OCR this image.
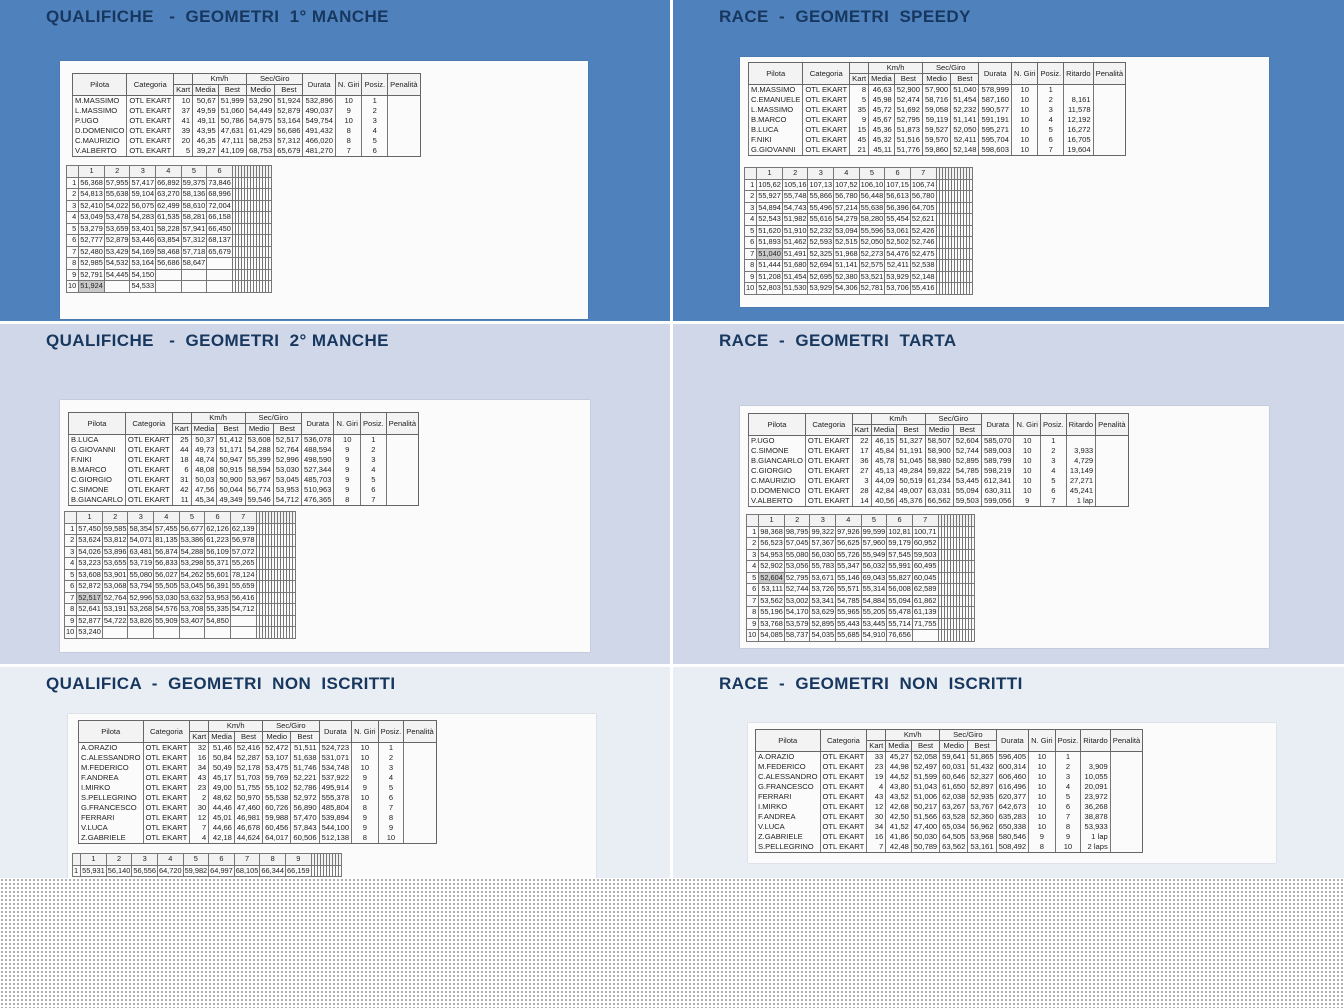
QUALIFICHE   -  GEOMETRI  1° MANCHE
Pilota	Categoria		Km/h		Sec/Giro		Durata	N. Giri	Posiz.	Penalità
		Kart	Media	Best	Medio	Best				
M.MASSIMO	OTL EKART	10	50,67	51,999	53,290	51,924	532,896	10	1	
L.MASSIMO	OTL EKART	37	49,59	51,060	54,449	52,879	490,037	9	2	
P.UGO	OTL EKART	41	49,11	50,786	54,975	53,164	549,754	10	3	
D.DOMENICO	OTL EKART	39	43,95	47,631	61,429	56,686	491,432	8	4	
C.MAURIZIO	OTL EKART	20	46,35	47,111	58,253	57,312	466,020	8	5	
V.ALBERTO	OTL EKART	5	39,27	41,109	68,753	65,679	481,270	7	6	
	1	2	3	4	5	6													
1	56,368	57,955	57,417	66,892	59,375	73,846													
2	54,813	55,638	59,104	63,270	58,136	68,996													
3	52,410	54,022	56,075	62,499	58,610	72,004													
4	53,049	53,478	54,283	61,535	58,281	66,158													
5	53,279	53,659	53,401	58,228	57,941	66,450													
6	52,777	52,879	53,446	63,854	57,312	68,137													
7	52,480	53,429	54,169	58,468	57,718	65,679													
8	52,985	54,532	53,164	56,686	58,647														
9	52,791	54,445	54,150																
10	51,924		54,533																
RACE  -  GEOMETRI  SPEEDY
Pilota	Categoria		Km/h		Sec/Giro		Durata	N. Giri	Posiz.	Ritardo	Penalità
		Kart	Media	Best	Medio	Best					
M.MASSIMO	OTL EKART	8	46,63	52,900	57,900	51,040	578,999	10	1		
C.EMANUELE	OTL EKART	5	45,98	52,474	58,716	51,454	587,160	10	2	8,161	
L.MASSIMO	OTL EKART	35	45,72	51,692	59,058	52,232	590,577	10	3	11,578	
B.MARCO	OTL EKART	9	45,67	52,795	59,119	51,141	591,191	10	4	12,192	
B.LUCA	OTL EKART	15	45,36	51,873	59,527	52,050	595,271	10	5	16,272	
F.NIKI	OTL EKART	45	45,32	51,516	59,570	52,411	595,704	10	6	16,705	
G.GIOVANNI	OTL EKART	21	45,11	51,776	59,860	52,148	598,603	10	7	19,604	
	1	2	3	4	5	6	7												
1	105,62	105,16	107,13	107,52	106,10	107,15	106,74												
2	55,927	55,748	55,866	56,780	56,448	56,613	56,780												
3	54,894	54,743	55,496	57,214	55,638	56,396	64,705												
4	52,543	51,982	55,616	54,279	58,280	55,454	52,621												
5	51,620	51,910	52,232	53,094	55,596	53,061	52,426												
6	51,893	51,462	52,593	52,515	52,050	52,502	52,746												
7	51,040	51,491	52,325	51,968	52,273	54,476	52,475												
8	51,444	51,680	52,694	51,141	52,575	52,411	52,538												
9	51,208	51,454	52,695	52,380	53,521	53,929	52,148												
10	52,803	51,530	53,929	54,306	52,781	53,706	55,416												
QUALIFICHE   -  GEOMETRI  2° MANCHE
Pilota	Categoria		Km/h		Sec/Giro		Durata	N. Giri	Posiz.	Penalità
		Kart	Media	Best	Medio	Best				
B.LUCA	OTL EKART	25	50,37	51,412	53,608	52,517	536,078	10	1	
G.GIOVANNI	OTL EKART	44	49,73	51,171	54,288	52,764	488,594	9	2	
F.NIKI	OTL EKART	18	48,74	50,947	55,399	52,996	498,590	9	3	
B.MARCO	OTL EKART	6	48,08	50,915	58,594	53,030	527,344	9	4	
C.GIORGIO	OTL EKART	31	50,03	50,900	53,967	53,045	485,703	9	5	
C.SIMONE	OTL EKART	42	47,56	50,044	56,774	53,953	510,963	9	6	
B.GIANCARLO	OTL EKART	11	45,34	49,349	59,546	54,712	476,365	8	7	
	1	2	3	4	5	6	7													
1	57,450	59,585	58,354	57,455	56,677	62,126	62,139													
2	53,624	53,812	54,071	81,135	53,386	61,223	56,978													
3	54,026	53,896	63,481	56,874	54,288	56,109	57,072													
4	53,223	53,655	53,719	56,833	53,298	55,371	55,265													
5	53,608	53,901	55,080	56,027	54,262	55,601	78,124													
6	52,872	53,068	53,794	55,505	53,045	56,391	55,659													
7	52,517	52,764	52,996	53,030	53,632	53,953	56,416													
8	52,641	53,191	53,268	54,576	53,708	55,335	54,712													
9	52,877	54,722	53,826	55,909	53,407	54,850														
10	53,240																			
RACE  -  GEOMETRI  TARTA
Pilota	Categoria		Km/h		Sec/Giro		Durata	N. Giri	Posiz.	Ritardo	Penalità
		Kart	Media	Best	Medio	Best					
P.UGO	OTL EKART	22	46,15	51,327	58,507	52,604	585,070	10	1		
C.SIMONE	OTL EKART	17	45,84	51,191	58,900	52,744	589,003	10	2	3,933	
B.GIANCARLO	OTL EKART	36	45,78	51,045	58,980	52,895	589,799	10	3	4,729	
C.GIORGIO	OTL EKART	27	45,13	49,284	59,822	54,785	598,219	10	4	13,149	
C.MAURIZIO	OTL EKART	3	44,09	50,519	61,234	53,445	612,341	10	5	27,271	
D.DOMENICO	OTL EKART	28	42,84	49,007	63,031	55,094	630,311	10	6	45,241	
V.ALBERTO	OTL EKART	14	40,56	45,376	66,562	59,503	599,056	9	7	1 lap	
	1	2	3	4	5	6	7												
1	98,368	98,795	99,322	97,926	99,599	102,81	100,71												
2	56,523	57,045	57,367	56,625	57,960	59,179	60,952												
3	54,953	55,080	56,030	55,726	55,949	57,545	59,503												
4	52,902	53,056	55,783	55,347	56,032	55,991	60,495												
5	52,604	52,795	53,671	55,146	69,043	55,827	60,045												
6	53,111	52,744	53,726	55,571	55,314	56,008	62,589												
7	53,562	53,002	53,341	54,785	54,884	55,094	61,862												
8	55,196	54,170	53,629	55,965	55,205	55,478	61,139												
9	53,768	53,579	52,895	55,443	53,445	55,714	71,755												
10	54,085	58,737	54,035	55,685	54,910	76,656													
QUALIFICA  -  GEOMETRI  NON  ISCRITTI
Pilota	Categoria		Km/h		Sec/Giro		Durata	N. Giri	Posiz.	Penalità
		Kart	Media	Best	Medio	Best				
A.ORAZIO	OTL EKART	32	51,46	52,416	52,472	51,511	524,723	10	1	
C.ALESSANDRO	OTL EKART	16	50,84	52,287	53,107	51,638	531,071	10	2	
M.FEDERICO	OTL EKART	34	50,49	52,178	53,475	51,746	534,748	10	3	
F.ANDREA	OTL EKART	43	45,17	51,703	59,769	52,221	537,922	9	4	
I.MIRKO	OTL EKART	23	49,00	51,755	55,102	52,786	495,914	9	5	
S.PELLEGRINO	OTL EKART	2	48,62	50,970	55,538	52,972	555,378	10	6	
G.FRANCESCO	OTL EKART	30	44,46	47,460	60,726	56,890	485,804	8	7	
FERRARI	OTL EKART	12	45,01	46,981	59,988	57,470	539,894	9	8	
V.LUCA	OTL EKART	7	44,66	46,678	60,456	57,843	544,100	9	9	
Z.GABRIELE	OTL EKART	4	42,18	44,624	64,017	60,506	512,138	8	10	
	1	2	3	4	5	6	7	8	9										
1	55,931	56,140	56,556	64,720	59,982	64,997	68,105	66,344	66,159										
RACE  -  GEOMETRI  NON  ISCRITTI
Pilota	Categoria		Km/h		Sec/Giro		Durata	N. Giri	Posiz.	Ritardo	Penalità
		Kart	Media	Best	Medio	Best					
A.ORAZIO	OTL EKART	33	45,27	52,058	59,641	51,865	596,405	10	1		
M.FEDERICO	OTL EKART	23	44,98	52,497	60,031	51,432	600,314	10	2	3,909	
C.ALESSANDRO	OTL EKART	19	44,52	51,599	60,646	52,327	606,460	10	3	10,055	
G.FRANCESCO	OTL EKART	4	43,80	51,043	61,650	52,897	616,496	10	4	20,091	
FERRARI	OTL EKART	43	43,52	51,006	62,038	52,935	620,377	10	5	23,972	
I.MIRKO	OTL EKART	12	42,68	50,217	63,267	53,767	642,673	10	6	36,268	
F.ANDREA	OTL EKART	30	42,50	51,566	63,528	52,360	635,283	10	7	38,878	
V.LUCA	OTL EKART	34	41,52	47,400	65,034	56,962	650,338	10	8	53,933	
Z.GABRIELE	OTL EKART	16	41,86	50,030	64,505	53,968	580,546	9	9	1 lap	
S.PELLEGRINO	OTL EKART	7	42,48	50,789	63,562	53,161	508,492	8	10	2 laps	
